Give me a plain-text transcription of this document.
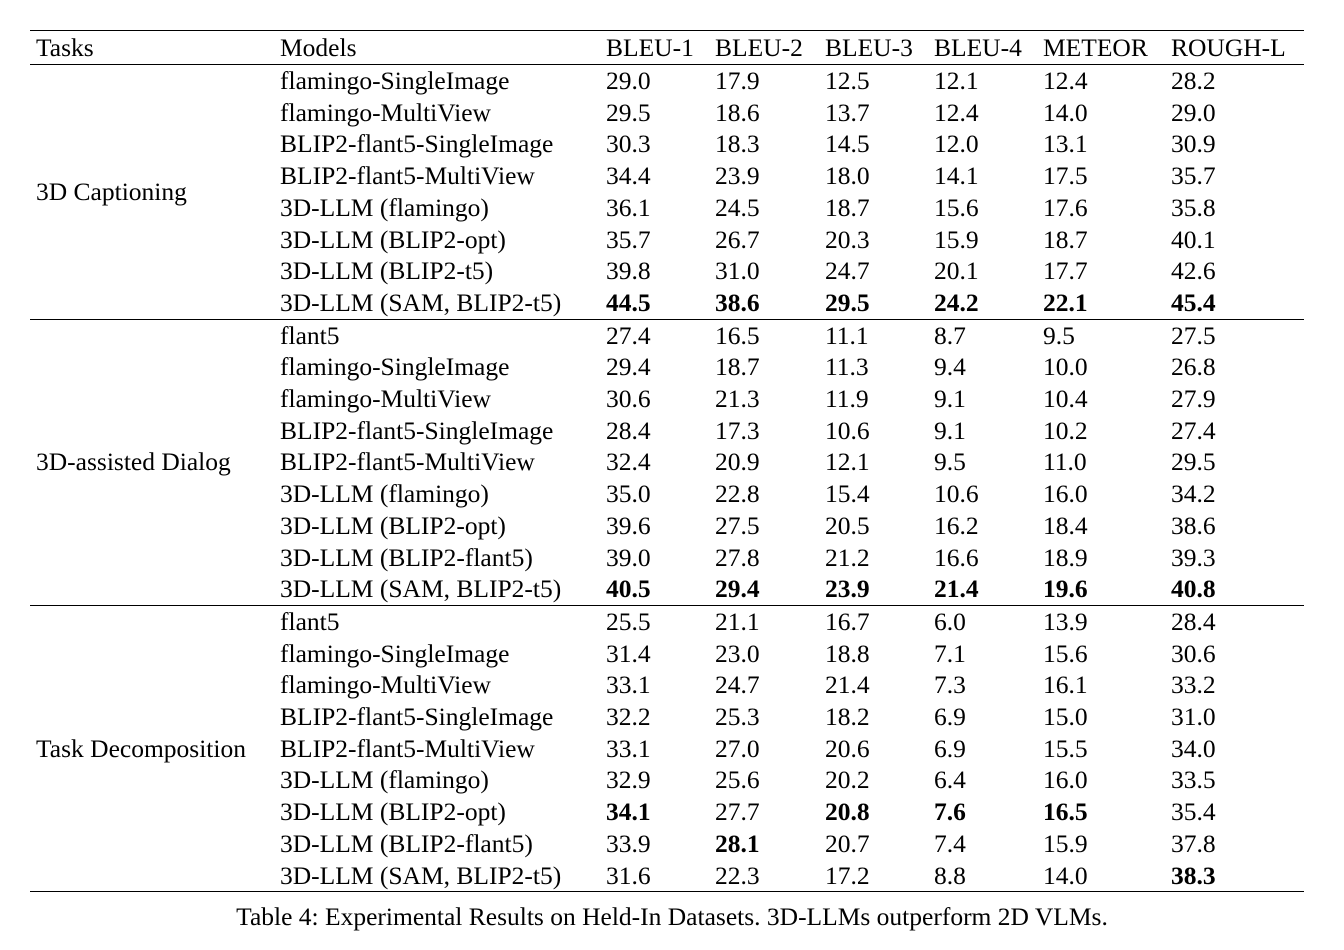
Tasks	Models	BLEU-1	BLEU-2	BLEU-3	BLEU-4	METEOR	ROUGH-L
3D Captioning	flamingo-SingleImage	29.0	17.9	12.5	12.1	12.4	28.2
	flamingo-MultiView	29.5	18.6	13.7	12.4	14.0	29.0
	BLIP2-flant5-SingleImage	30.3	18.3	14.5	12.0	13.1	30.9
	BLIP2-flant5-MultiView	34.4	23.9	18.0	14.1	17.5	35.7
	3D-LLM (flamingo)	36.1	24.5	18.7	15.6	17.6	35.8
	3D-LLM (BLIP2-opt)	35.7	26.7	20.3	15.9	18.7	40.1
	3D-LLM (BLIP2-t5)	39.8	31.0	24.7	20.1	17.7	42.6
	3D-LLM (SAM, BLIP2-t5)	44.5	38.6	29.5	24.2	22.1	45.4
3D-assisted Dialog	flant5	27.4	16.5	11.1	8.7	9.5	27.5
	flamingo-SingleImage	29.4	18.7	11.3	9.4	10.0	26.8
	flamingo-MultiView	30.6	21.3	11.9	9.1	10.4	27.9
	BLIP2-flant5-SingleImage	28.4	17.3	10.6	9.1	10.2	27.4
	BLIP2-flant5-MultiView	32.4	20.9	12.1	9.5	11.0	29.5
	3D-LLM (flamingo)	35.0	22.8	15.4	10.6	16.0	34.2
	3D-LLM (BLIP2-opt)	39.6	27.5	20.5	16.2	18.4	38.6
	3D-LLM (BLIP2-flant5)	39.0	27.8	21.2	16.6	18.9	39.3
	3D-LLM (SAM, BLIP2-t5)	40.5	29.4	23.9	21.4	19.6	40.8
Task Decomposition	flant5	25.5	21.1	16.7	6.0	13.9	28.4
	flamingo-SingleImage	31.4	23.0	18.8	7.1	15.6	30.6
	flamingo-MultiView	33.1	24.7	21.4	7.3	16.1	33.2
	BLIP2-flant5-SingleImage	32.2	25.3	18.2	6.9	15.0	31.0
	BLIP2-flant5-MultiView	33.1	27.0	20.6	6.9	15.5	34.0
	3D-LLM (flamingo)	32.9	25.6	20.2	6.4	16.0	33.5
	3D-LLM (BLIP2-opt)	34.1	27.7	20.8	7.6	16.5	35.4
	3D-LLM (BLIP2-flant5)	33.9	28.1	20.7	7.4	15.9	37.8
	3D-LLM (SAM, BLIP2-t5)	31.6	22.3	17.2	8.8	14.0	38.3
Table 4: Experimental Results on Held-In Datasets. 3D-LLMs outperform 2D VLMs.
